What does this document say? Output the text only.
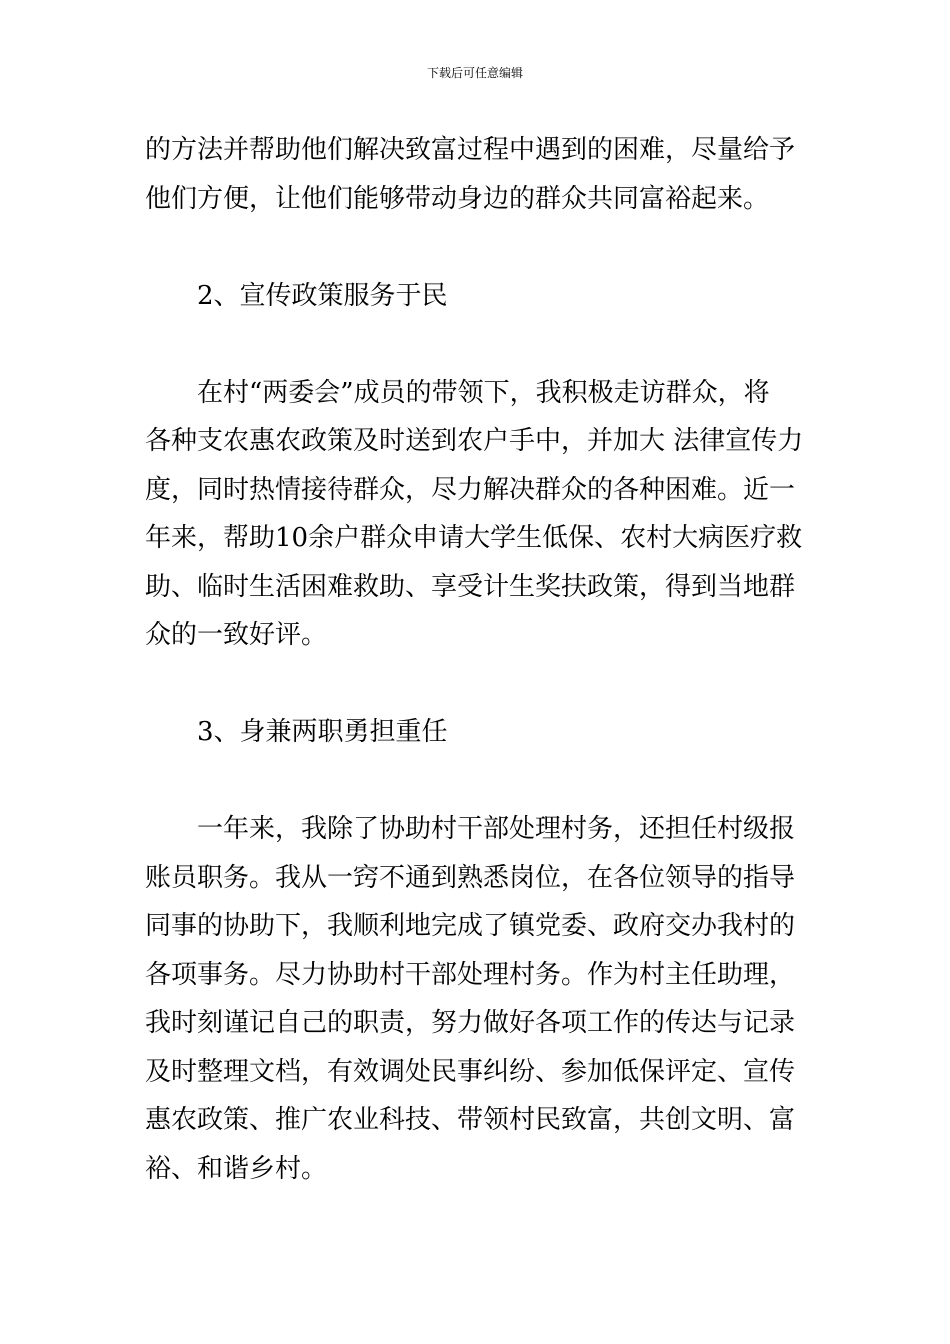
下载后可任意编辑
的方法并帮助他们解决致富过程中遇到的困难，尽量给予
他们方便，让他们能够带动身边的群众共同富裕起来。
2、宣传政策服务于民
在村“两委会”成员的带领下，我积极走访群众，将
各种支农惠农政策及时送到农户手中，并加大 法律宣传力
度，同时热情接待群众，尽力解决群众的各种困难。近一
年来，帮助10余户群众申请大学生低保、农村大病医疗救
助、临时生活困难救助、享受计生奖扶政策，得到当地群
众的一致好评。
3、身兼两职勇担重任
一年来，我除了协助村干部处理村务，还担任村级报
账员职务。我从一窍不通到熟悉岗位，在各位领导的指导
同事的协助下，我顺利地完成了镇党委、政府交办我村的
各项事务。尽力协助村干部处理村务。作为村主任助理，
我时刻谨记自己的职责，努力做好各项工作的传达与记录
及时整理文档，有效调处民事纠纷、参加低保评定、宣传
惠农政策、推广农业科技、带领村民致富，共创文明、富
裕、和谐乡村。
